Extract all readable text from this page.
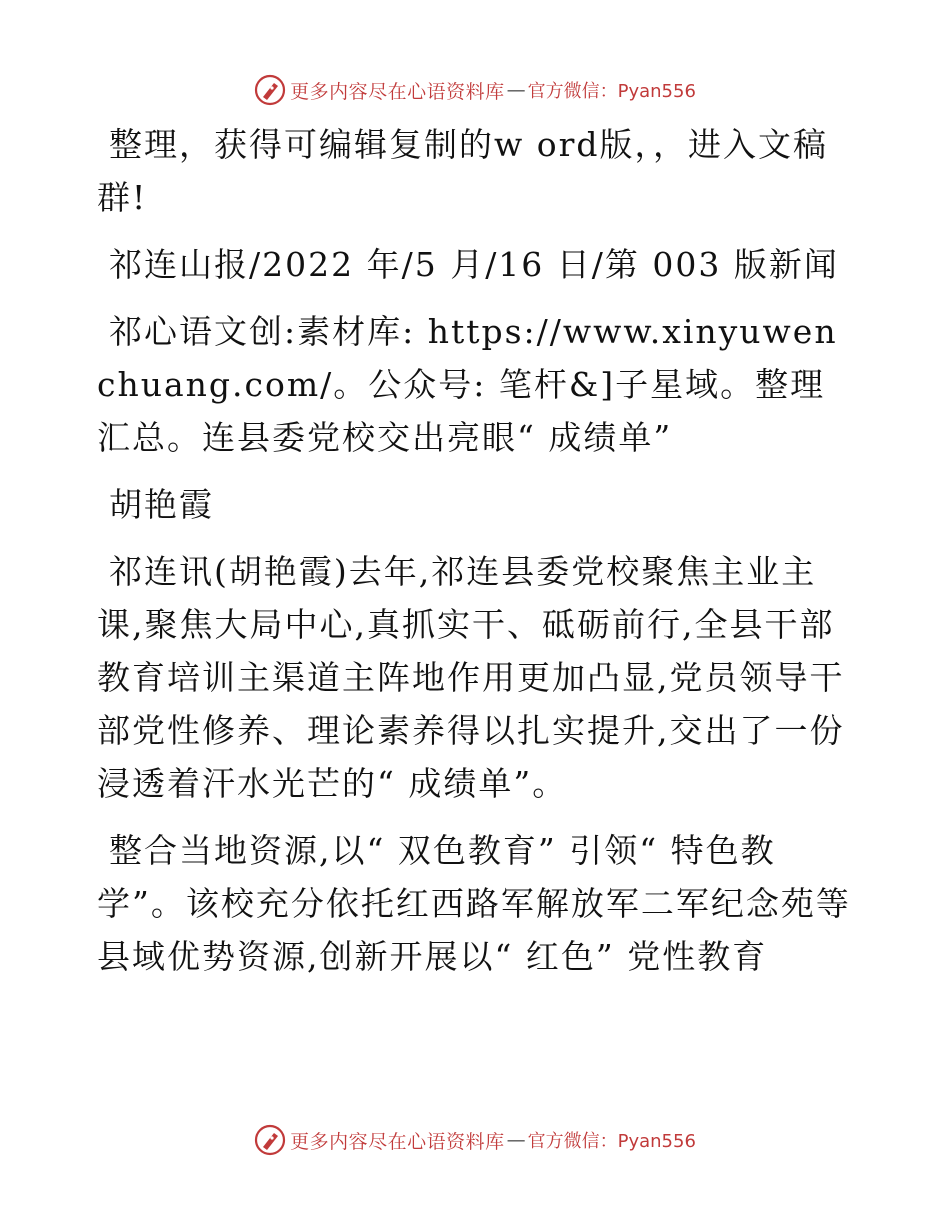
更多内容尽在心语资料库 — 官方微信：Pyan556

整理，获得可编辑复制的w ord版，，进入文稿群!

祁连山报/2022 年/5 月/16 日/第 003 版新闻

祁心语文创:素材库: https://www.xinyuwenchuang.com/。公众号: 笔杆&]子星域。整理汇总。连县委党校交出亮眼“ 成绩单”

胡艳霞

祁连讯(胡艳霞)去年,祁连县委党校聚焦主业主课,聚焦大局中心,真抓实干、砥砺前行,全县干部教育培训主渠道主阵地作用更加凸显,党员领导干部党性修养、理论素养得以扎实提升,交出了一份浸透着汗水光芒的“ 成绩单”。

整合当地资源,以“ 双色教育” 引领“ 特色教学”。该校充分依托红西路军解放军二军纪念苑等县域优势资源,创新开展以“ 红色” 党性教育

更多内容尽在心语资料库 — 官方微信：Pyan556
